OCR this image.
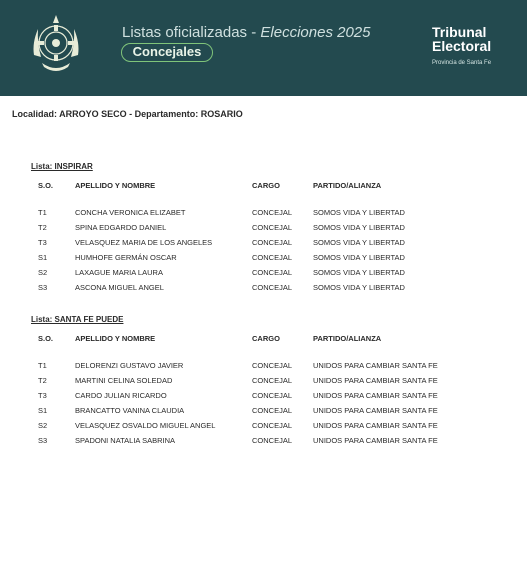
Listas oficializadas - Elecciones 2025
Concejales
Tribunal
Electoral
Provincia de Santa Fe
Localidad: ARROYO SECO - Departamento: ROSARIO
Lista: INSPIRAR
S.O.	APELLIDO Y NOMBRE	CARGO	PARTIDO/ALIANZA
T1	CONCHA VERONICA ELIZABET	CONCEJAL	SOMOS VIDA Y LIBERTAD
T2	SPINA EDGARDO DANIEL	CONCEJAL	SOMOS VIDA Y LIBERTAD
T3	VELASQUEZ MARIA DE LOS ANGELES	CONCEJAL	SOMOS VIDA Y LIBERTAD
S1	HUMHOFE GERMÁN OSCAR	CONCEJAL	SOMOS VIDA Y LIBERTAD
S2	LAXAGUE MARIA LAURA	CONCEJAL	SOMOS VIDA Y LIBERTAD
S3	ASCONA MIGUEL ANGEL	CONCEJAL	SOMOS VIDA Y LIBERTAD
Lista: SANTA FE PUEDE
S.O.	APELLIDO Y NOMBRE	CARGO	PARTIDO/ALIANZA
T1	DELORENZI GUSTAVO JAVIER	CONCEJAL	UNIDOS PARA CAMBIAR SANTA FE
T2	MARTINI CELINA SOLEDAD	CONCEJAL	UNIDOS PARA CAMBIAR SANTA FE
T3	CARDO JULIAN RICARDO	CONCEJAL	UNIDOS PARA CAMBIAR SANTA FE
S1	BRANCATTO VANINA CLAUDIA	CONCEJAL	UNIDOS PARA CAMBIAR SANTA FE
S2	VELASQUEZ OSVALDO MIGUEL ANGEL	CONCEJAL	UNIDOS PARA CAMBIAR SANTA FE
S3	SPADONI NATALIA SABRINA	CONCEJAL	UNIDOS PARA CAMBIAR SANTA FE
